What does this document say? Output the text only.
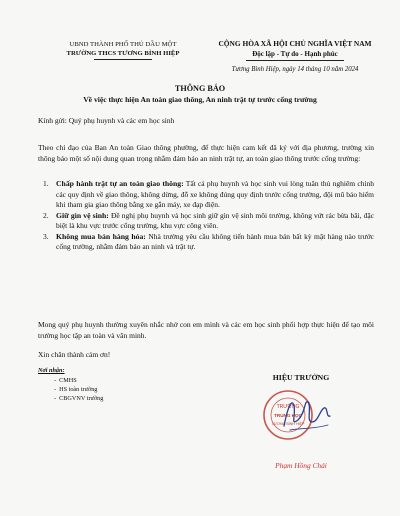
UBND THÀNH PHỐ THỦ DẦU MỘT
TRƯỜNG THCS TƯƠNG BÌNH HIỆP
CỘNG HÒA XÃ HỘI CHỦ NGHĨA VIỆT NAM
Độc lập - Tự do - Hạnh phúc
Tương Bình Hiệp, ngày 14 tháng 10 năm 2024
THÔNG BÁO
Về việc thực hiện An toàn giao thông, An ninh trật tự trước cổng trường
Kính gửi: Quý phụ huynh và các em học sinh
Theo chỉ đạo của Ban An toàn Giao thông phường, để thực hiện cam kết đã ký với địa phương, trường xin thông báo một số nội dung quan trọng nhằm đảm bảo an ninh trật tự, an toàn giao thông trước cổng trường:
1. Chấp hành trật tự an toàn giao thông: Tất cả phụ huynh và học sinh vui lòng tuân thủ nghiêm chỉnh các quy định về giao thông, không dừng, đỗ xe không đúng quy định trước cổng trường, đội mũ bảo hiểm khi tham gia giao thông bằng xe gắn máy, xe đạp điện.
2. Giữ gìn vệ sinh: Đề nghị phụ huynh và học sinh giữ gìn vệ sinh môi trường, không vứt rác bừa bãi, đặc biệt là khu vực trước cổng trường, khu vực công viên.
3. Không mua bán hàng hóa: Nhà trường yêu cầu không tiến hành mua bán bất kỳ mặt hàng nào trước cổng trường, nhằm đảm bảo an ninh và trật tự.
Mong quý phụ huynh thường xuyên nhắc nhở con em mình và các em học sinh phối hợp thực hiện để tạo môi trường học tập an toàn và văn minh.
Xin chân thành cảm ơn!
Nơi nhận:
-  CMHS
-  HS toàn trường
-  CBGVNV trường
HIỆU TRƯỞNG
TRƯỜNG
TRUNG HỌC
TƯƠNG BÌNH HIỆP
Phạm Hồng Chái
